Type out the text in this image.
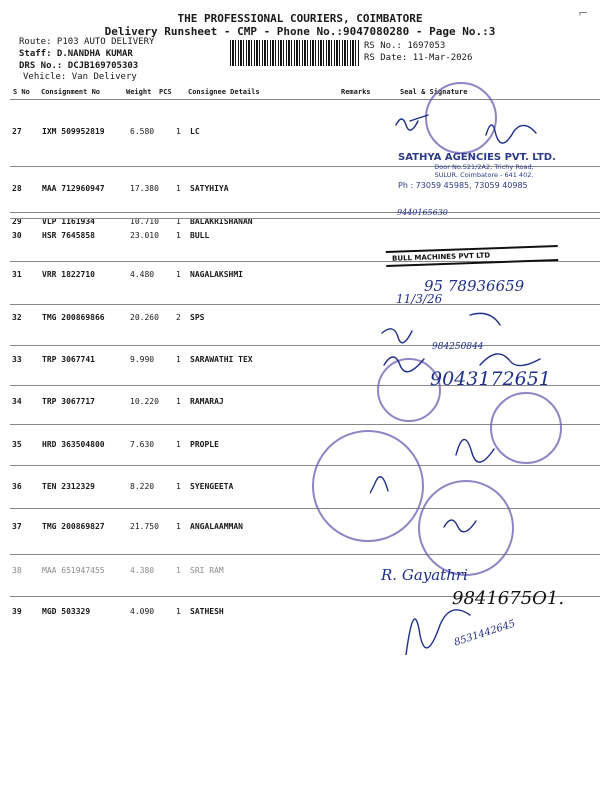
⌐
THE PROFESSIONAL COURIERS, COIMBATORE
Delivery Runsheet - CMP - Phone No.:9047080280 - Page No.:3
Route: P103 AUTO DELIVERY
Staff: D.NANDHA KUMAR
DRS No.: DCJB169705303
Vehicle: Van Delivery
RS No.: 1697053
RS Date: 11-Mar-2026
S No Consignment No	Weight PCS Consignee Details	Remarks	Seal & Signature
27	IXM 509952819	6.580	1 LC
28	MAA 712960947	17.380 1 SATYHIYA
29	VLP 1161934	10.710 1 BALAKRISHANAN
30	HSR 7645858	23.010 1 BULL
31	VRR 1822710	4.480	1 NAGALAKSHMI
32	TMG 200869866	20.260 2 SPS
33	TRP 3067741	9.990	1 SARAWATHI TEX
34	TRP 3067717	10.220 1 RAMARAJ
35	HRD 363504800	7.630	1 PROPLE
36	TEN 2312329	8.220	1 SYENGEETA
37	TMG 200869827	21.750 1 ANGALAAMMAN
38	MAA 651947455	4.380	1 SRI RAM
39	MGD 503329	4.090	1 SATHESH
SATHYA AGENCIES PVT. LTD.
Door No.521/2A2, Trichy Road,
SULUR, Coimbatore - 641 402.
Ph : 73059 45985, 73059 40985
BULL MACHINES PVT LTD
9440165630
95 78936659
11/3/26
984250844
9043172651
R. Gayathri
9841675O1.
8531442645
